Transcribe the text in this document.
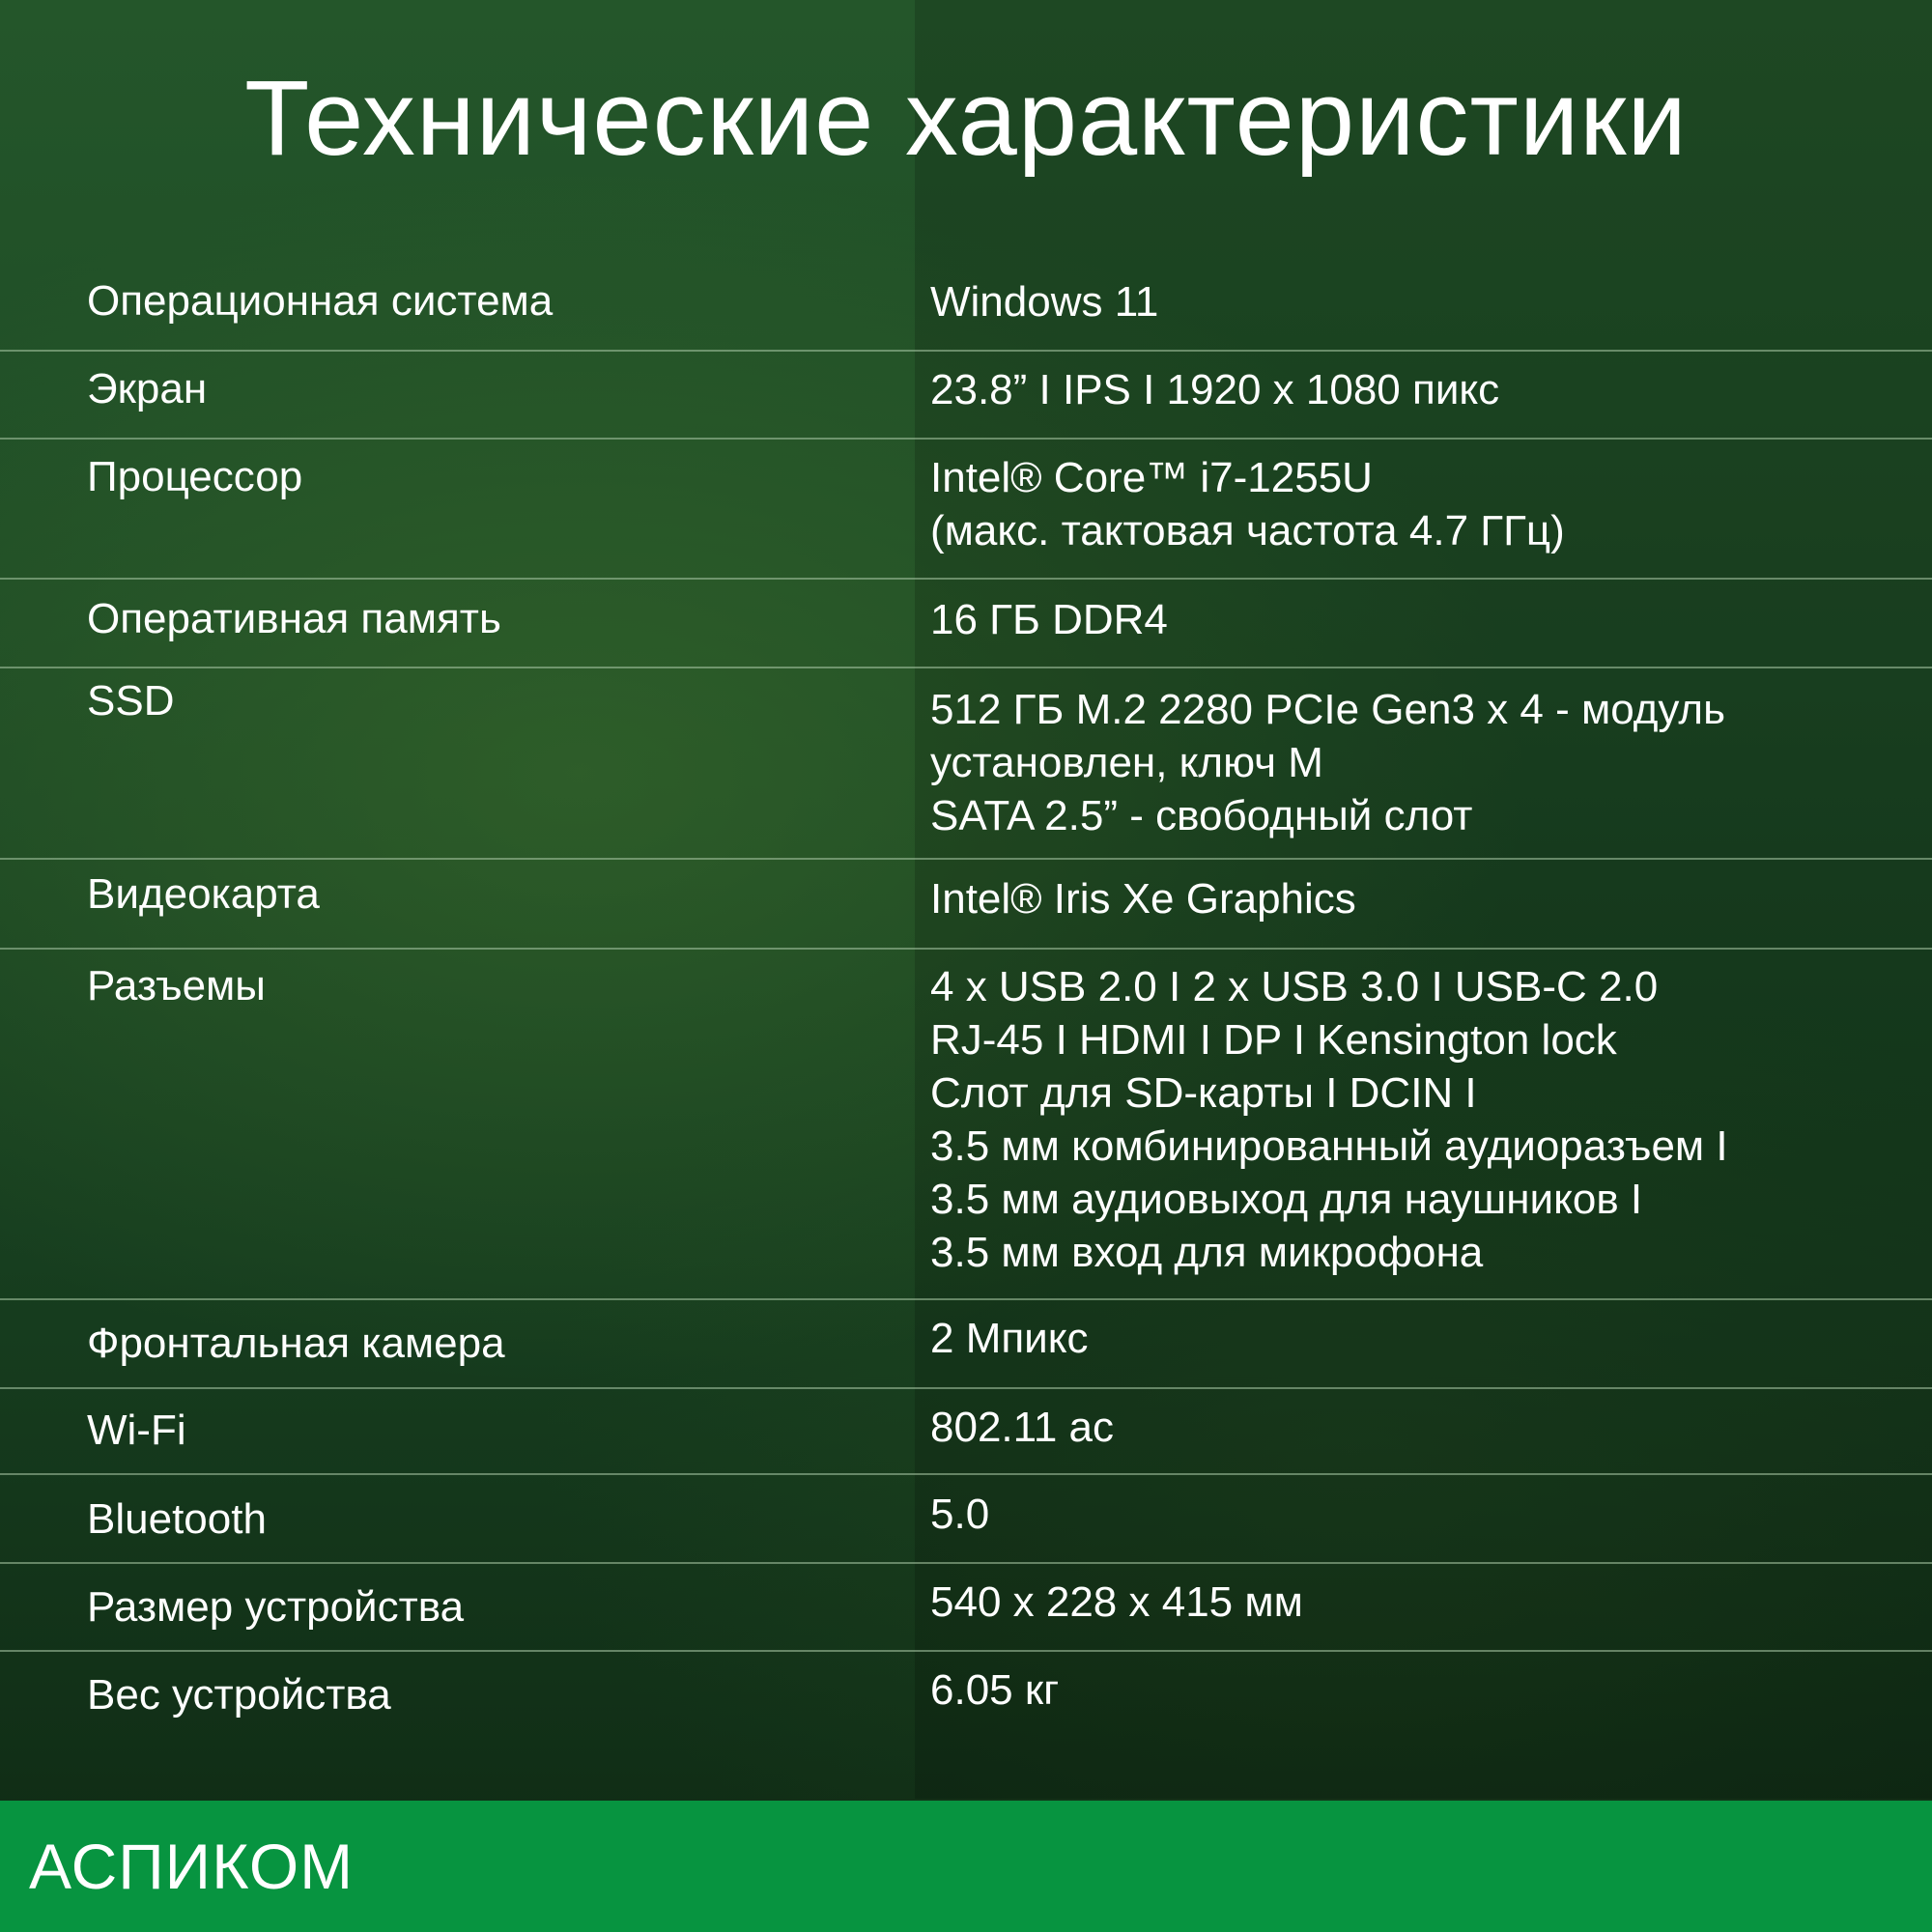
Технические характеристики
Операционная система	Windows 11
Экран	23.8” I IPS I 1920 x 1080 пикс
Процессор	Intel® Core™ i7-1255U
(макс. тактовая частота 4.7 ГГц)
Оперативная память	16 ГБ DDR4
SSD	512 ГБ M.2 2280 PCIe Gen3 x 4 - модуль
установлен, ключ M
SATA 2.5” - свободный слот
Видеокарта	Intel® Iris Xe Graphics
Разъемы	4 x USB 2.0 I 2 x USB 3.0 I USB-C 2.0
RJ-45 I HDMI I DP I Kensington lock
Слот для SD-карты I DCIN I
3.5 мм комбинированный аудиоразъем I
3.5 мм аудиовыход для наушников I
3.5 мм вход для микрофона
Фронтальная камера	2 Мпикс
Wi-Fi	802.11 ac
Bluetooth	5.0
Размер устройства	540 x 228 x 415 мм
Вес устройства	6.05 кг
АСПИКОМ
